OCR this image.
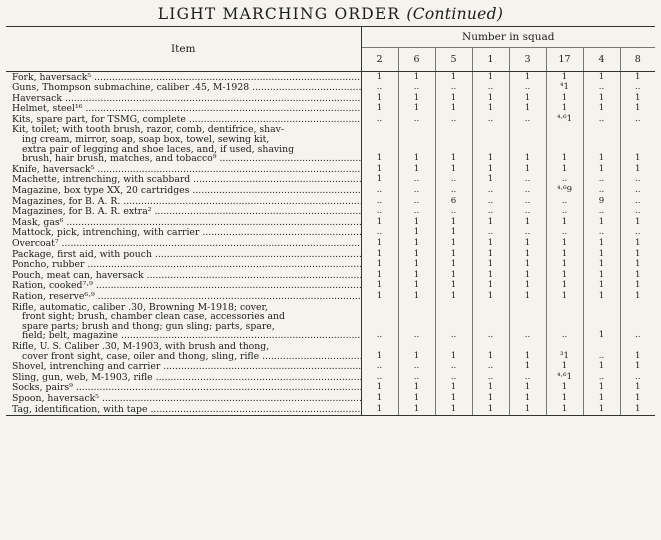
LIGHT MARCHING ORDER (Continued)
Item	Number in squad							
	2	6	5	1	3	17	4	8

Fork, haversack⁵ .....	1	1	1	1	1	1	1	1

Guns, Thompson submachine, caliber .45, M-1928 .....	..	..	..	..	..	⁴1	..	..

Haversack .....	1	1	1	1	1	1	1	1

Helmet, steel¹⁶ .....	1	1	1	1	1	1	1	1

Kits, spare part, for TSMG, complete .....	..	..	..	..	..	⁴·⁶1	..	..

Kit, toilet; with tooth brush, razor, comb, dentifrice, shav-
ing cream, mirror, soap, soap box, towel, sewing kit,
extra pair of legging and shoe laces, and, if used, shaving
brush, hair brush, matches, and tobacco⁹ .....	1	1	1	1	1	1	1	1

Knife, haversack⁵ .....	1	1	1	1	1	1	1	1

Machette, intrenching, with scabbard .....	1	..	..	1	..	..	..	..

Magazine, box type XX, 20 cartridges .....	..	..	..	..	..	⁴·⁶9	..	..

Magazines, for B. A. R. .....	..	..	6	..	..	..	9	..

Magazines, for B. A. R. extra² .....	..	..	..	..	..	..	..	..

Mask, gas⁶ .....	1	1	1	1	1	1	1	1

Mattock, pick, intrenching, with carrier .....	..	1	1	..	..	..	..	..

Overcoat⁷ .....	1	1	1	1	1	1	1	1

Package, first aid, with pouch .....	1	1	1	1	1	1	1	1

Poncho, rubber .....	1	1	1	1	1	1	1	1

Pouch, meat can, haversack .....	1	1	1	1	1	1	1	1

Ration, cooked⁷·⁹ .....	1	1	1	1	1	1	1	1

Ration, reserve⁶·⁹ .....	1	1	1	1	1	1	1	1

Rifle, automatic, caliber .30, Browning M-1918; cover,
front sight; brush, chamber clean case, accessories and
spare parts; brush and thong; gun sling; parts, spare,
field; belt, magazine .....	..	..	..	..	..	..	1	..

Rifle, U. S. Caliber .30, M-1903, with brush and thong,
cover front sight, case, oiler and thong, sling, rifle .....	1	1	1	1	1	³1	..	1

Shovel, intrenching and carrier .....	..	..	..	..	1	1	1	1

Sling, gun, web, M-1903, rifle .....	..	..	..	..	..	⁴·⁶1	..	..

Socks, pairs⁹ .....	1	1	1	1	1	1	1	1

Spoon, haversack⁵ .....	1	1	1	1	1	1	1	1

Tag, identification, with tape .....	1	1	1	1	1	1	1	1
